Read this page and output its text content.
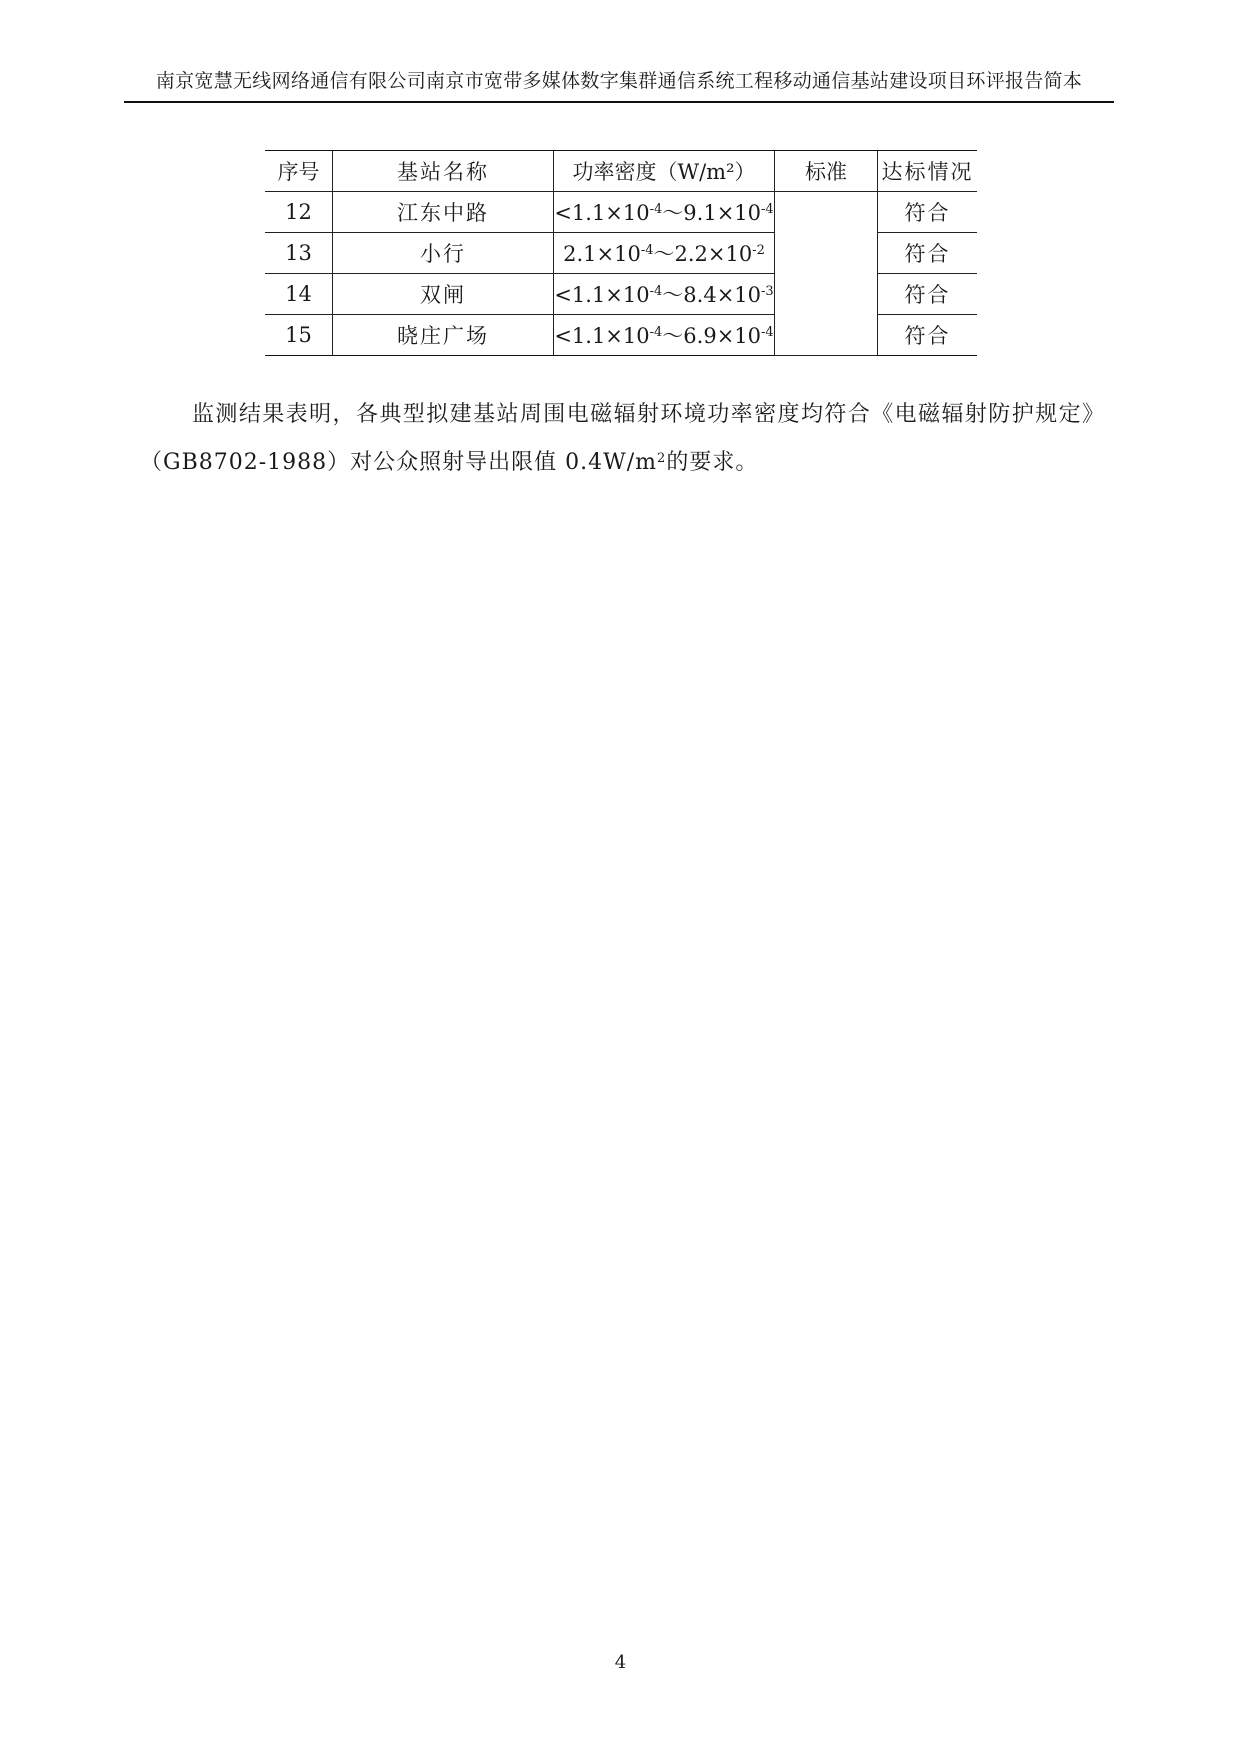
南京宽慧无线网络通信有限公司南京市宽带多媒体数字集群通信系统工程移动通信基站建设项目环评报告简本
序号	基站名称	功率密度（W/m²）	标准	达标情况
12	江东中路	$<1.1\times 10^{-4}\sim 9.1\times 10^{-4}$		符合
13	小行	$2.1\times 10^{-4}\sim 2.2\times 10^{-2}$		符合
14	双闸	$<1.1\times 10^{-4}\sim 8.4\times 10^{-3}$		符合
15	晓庄广场	$<1.1\times 10^{-4}\sim 6.9\times 10^{-4}$		符合

监测结果表明，各典型拟建基站周围电磁辐射环境功率密度均符合《电磁辐射防护规定》（GB8702-1988）对公众照射导出限值 $0.4W/m^2$的要求。

4
